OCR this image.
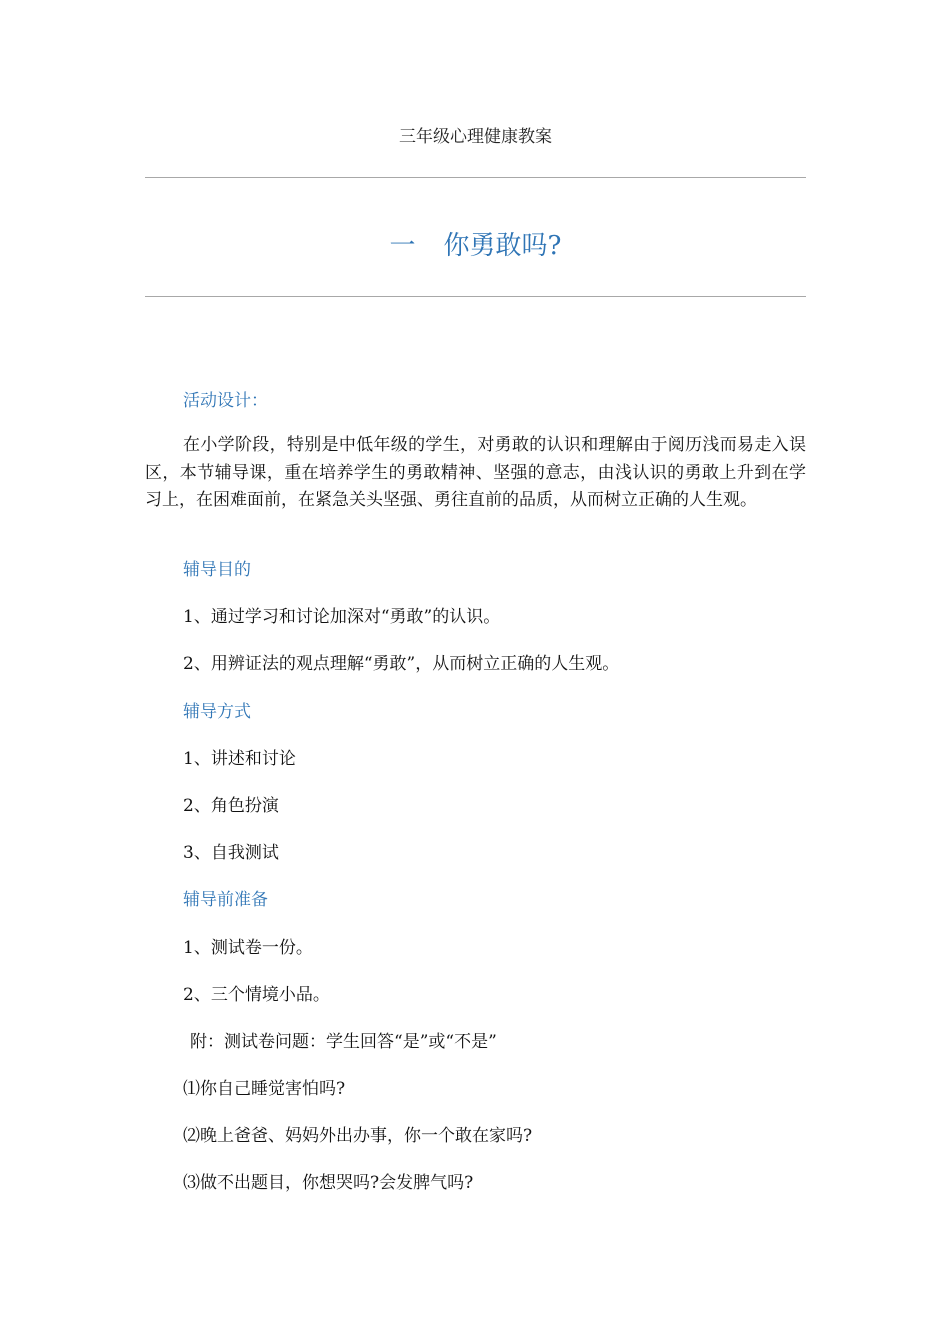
三年级心理健康教案
一 你勇敢吗?
活动设计：
在小学阶段，特别是中低年级的学生，对勇敢的认识和理解由于阅历浅而易走入误区，本节辅导课，重在培养学生的勇敢精神、坚强的意志，由浅认识的勇敢上升到在学习上，在困难面前，在紧急关头坚强、勇往直前的品质，从而树立正确的人生观。
辅导目的
1、通过学习和讨论加深对“勇敢”的认识。
2、用辨证法的观点理解“勇敢”，从而树立正确的人生观。
辅导方式
1、讲述和讨论
2、角色扮演
3、自我测试
辅导前准备
1、测试卷一份。
2、三个情境小品。
附：测试卷问题：学生回答“是”或“不是”
⑴你自己睡觉害怕吗?
⑵晚上爸爸、妈妈外出办事，你一个敢在家吗?
⑶做不出题目，你想哭吗?会发脾气吗?
